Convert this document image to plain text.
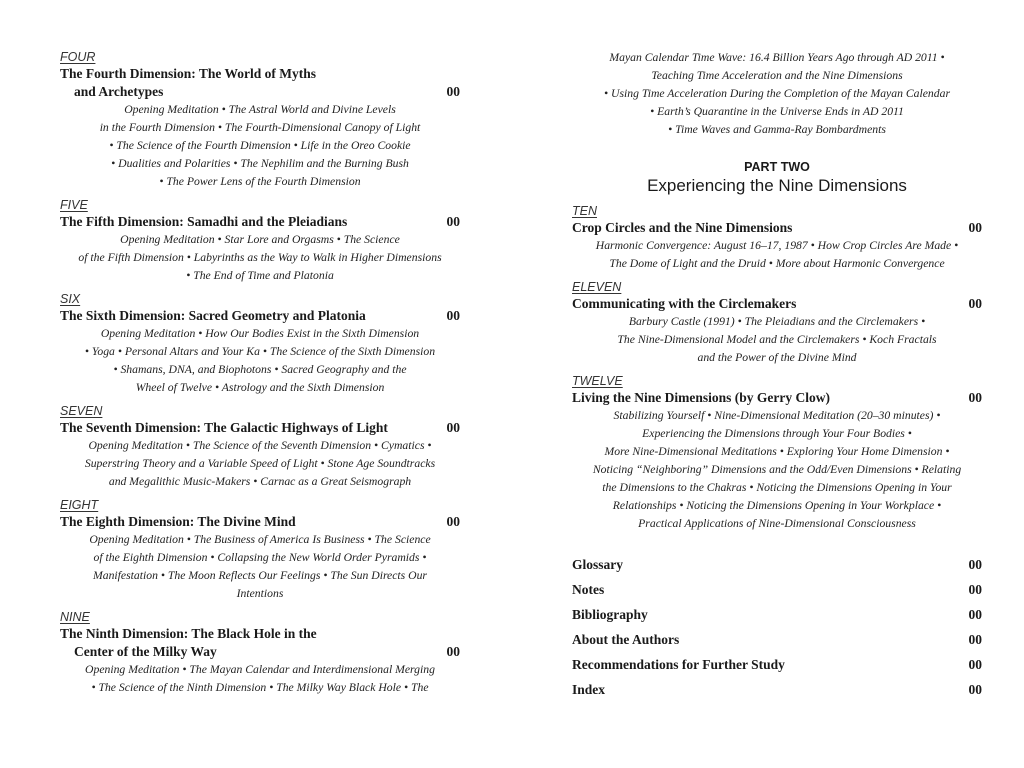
FOUR
The Fourth Dimension: The World of Myths
and Archetypes	00
Opening Meditation • The Astral World and Divine Levels
in the Fourth Dimension • The Fourth-Dimensional Canopy of Light
• The Science of the Fourth Dimension • Life in the Oreo Cookie
• Dualities and Polarities • The Nephilim and the Burning Bush
• The Power Lens of the Fourth Dimension
FIVE
The Fifth Dimension: Samadhi and the Pleiadians	00
Opening Meditation • Star Lore and Orgasms • The Science
of the Fifth Dimension • Labyrinths as the Way to Walk in Higher Dimensions
• The End of Time and Platonia
SIX
The Sixth Dimension: Sacred Geometry and Platonia	00
Opening Meditation • How Our Bodies Exist in the Sixth Dimension
• Yoga • Personal Altars and Your Ka • The Science of the Sixth Dimension
• Shamans, DNA, and Biophotons • Sacred Geography and the
Wheel of Twelve • Astrology and the Sixth Dimension
SEVEN
The Seventh Dimension: The Galactic Highways of Light	00
Opening Meditation • The Science of the Seventh Dimension • Cymatics •
Superstring Theory and a Variable Speed of Light • Stone Age Soundtracks
and Megalithic Music-Makers • Carnac as a Great Seismograph
EIGHT
The Eighth Dimension: The Divine Mind	00
Opening Meditation • The Business of America Is Business • The Science
of the Eighth Dimension • Collapsing the New World Order Pyramids •
Manifestation • The Moon Reflects Our Feelings • The Sun Directs Our
Intentions
NINE
The Ninth Dimension: The Black Hole in the
Center of the Milky Way	00
Opening Meditation • The Mayan Calendar and Interdimensional Merging
• The Science of the Ninth Dimension • The Milky Way Black Hole • The
Mayan Calendar Time Wave: 16.4 Billion Years Ago through AD 2011 •
Teaching Time Acceleration and the Nine Dimensions
• Using Time Acceleration During the Completion of the Mayan Calendar
• Earth’s Quarantine in the Universe Ends in AD 2011
• Time Waves and Gamma-Ray Bombardments
PART TWO
Experiencing the Nine Dimensions
TEN
Crop Circles and the Nine Dimensions	00
Harmonic Convergence: August 16–17, 1987 • How Crop Circles Are Made •
The Dome of Light and the Druid • More about Harmonic Convergence
ELEVEN
Communicating with the Circlemakers	00
Barbury Castle (1991) • The Pleiadians and the Circlemakers •
The Nine-Dimensional Model and the Circlemakers • Koch Fractals
and the Power of the Divine Mind
TWELVE
Living the Nine Dimensions (by Gerry Clow)	00
Stabilizing Yourself • Nine-Dimensional Meditation (20–30 minutes) •
Experiencing the Dimensions through Your Four Bodies •
More Nine-Dimensional Meditations • Exploring Your Home Dimension •
Noticing “Neighboring” Dimensions and the Odd/Even Dimensions • Relating
the Dimensions to the Chakras • Noticing the Dimensions Opening in Your
Relationships • Noticing the Dimensions Opening in Your Workplace •
Practical Applications of Nine-Dimensional Consciousness
Glossary	00
Notes	00
Bibliography	00
About the Authors	00
Recommendations for Further Study	00
Index	00
